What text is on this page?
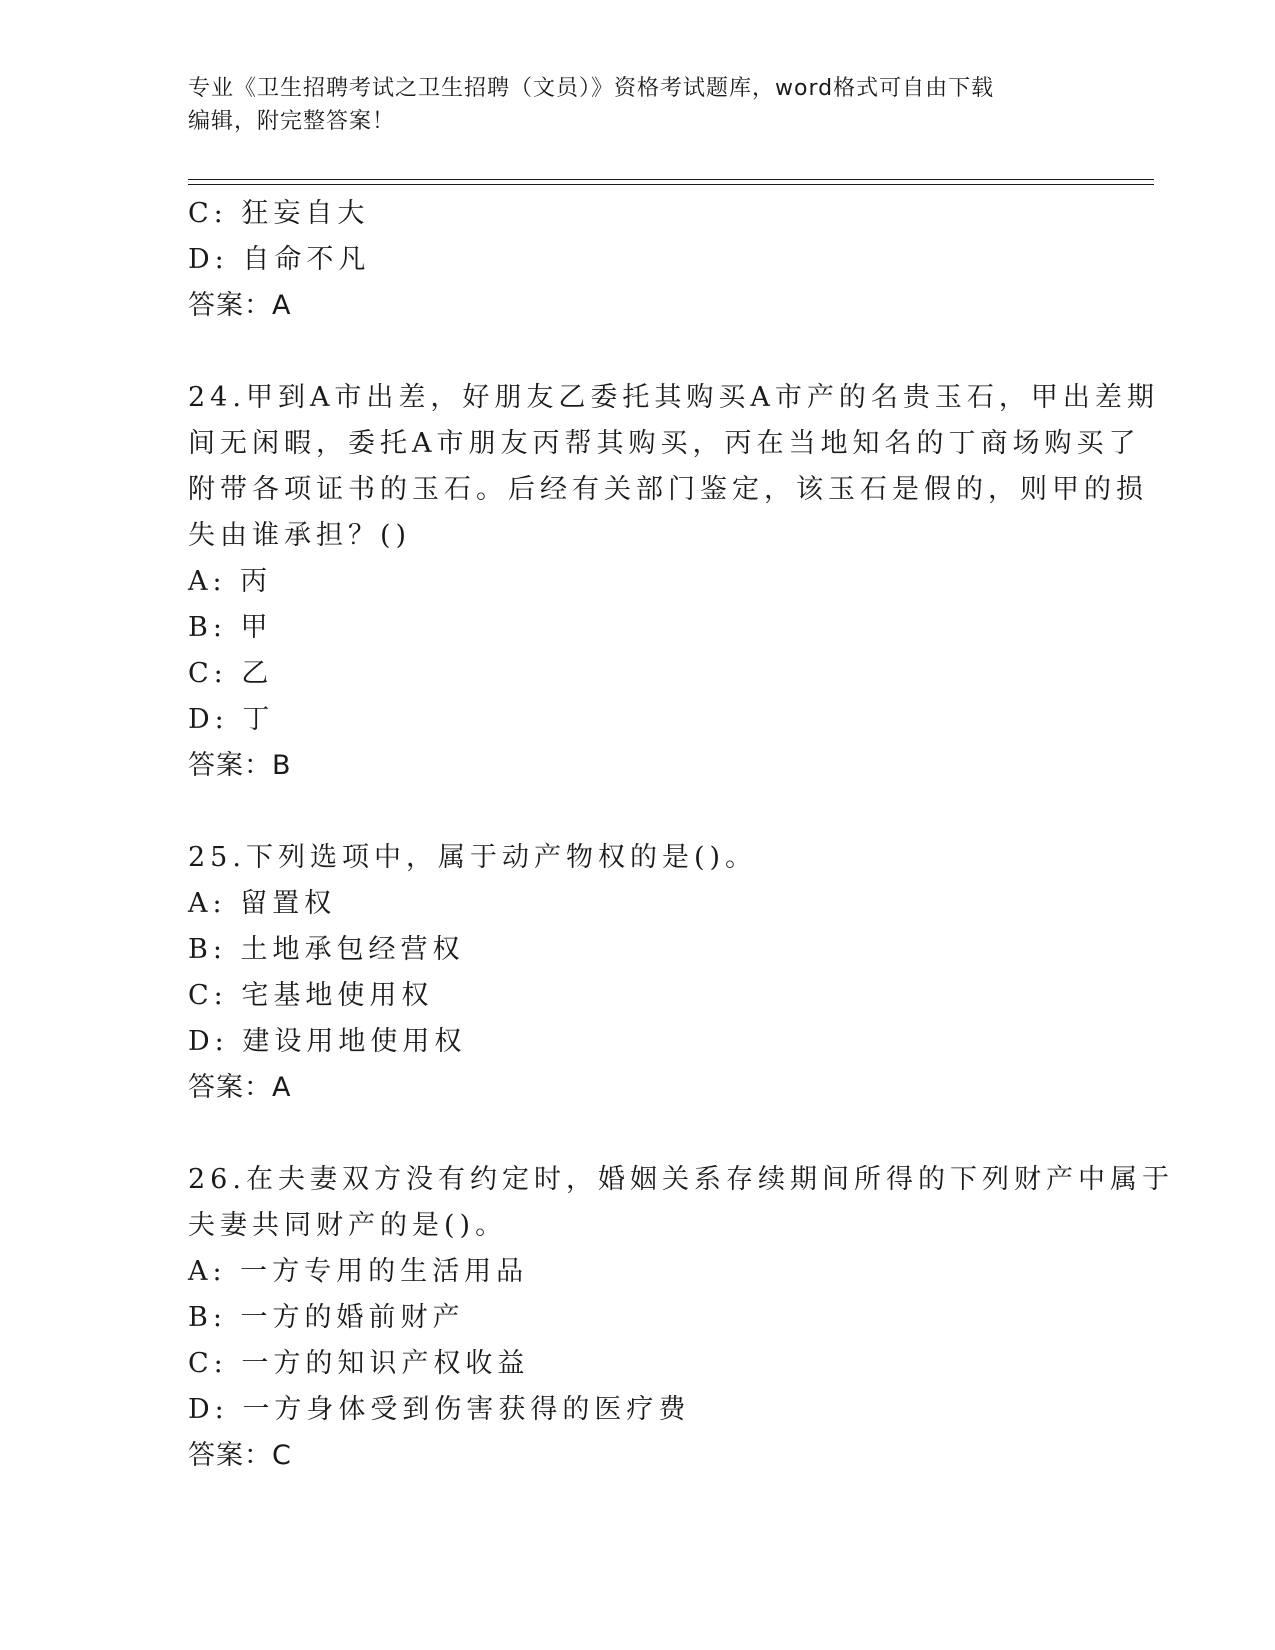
专业《卫生招聘考试之卫生招聘（文员）》资格考试题库，word格式可自由下载
编辑，附完整答案！
C: 狂妄自大
D: 自命不凡
答案：A
24.甲到A市出差，好朋友乙委托其购买A市产的名贵玉石，甲出差期
间无闲暇，委托A市朋友丙帮其购买，丙在当地知名的丁商场购买了
附带各项证书的玉石。后经有关部门鉴定，该玉石是假的，则甲的损
失由谁承担？()
A: 丙
B: 甲
C: 乙
D: 丁
答案：B
25.下列选项中，属于动产物权的是()。
A: 留置权
B: 土地承包经营权
C: 宅基地使用权
D: 建设用地使用权
答案：A
26.在夫妻双方没有约定时，婚姻关系存续期间所得的下列财产中属于
夫妻共同财产的是()。
A: 一方专用的生活用品
B: 一方的婚前财产
C: 一方的知识产权收益
D: 一方身体受到伤害获得的医疗费
答案：C
